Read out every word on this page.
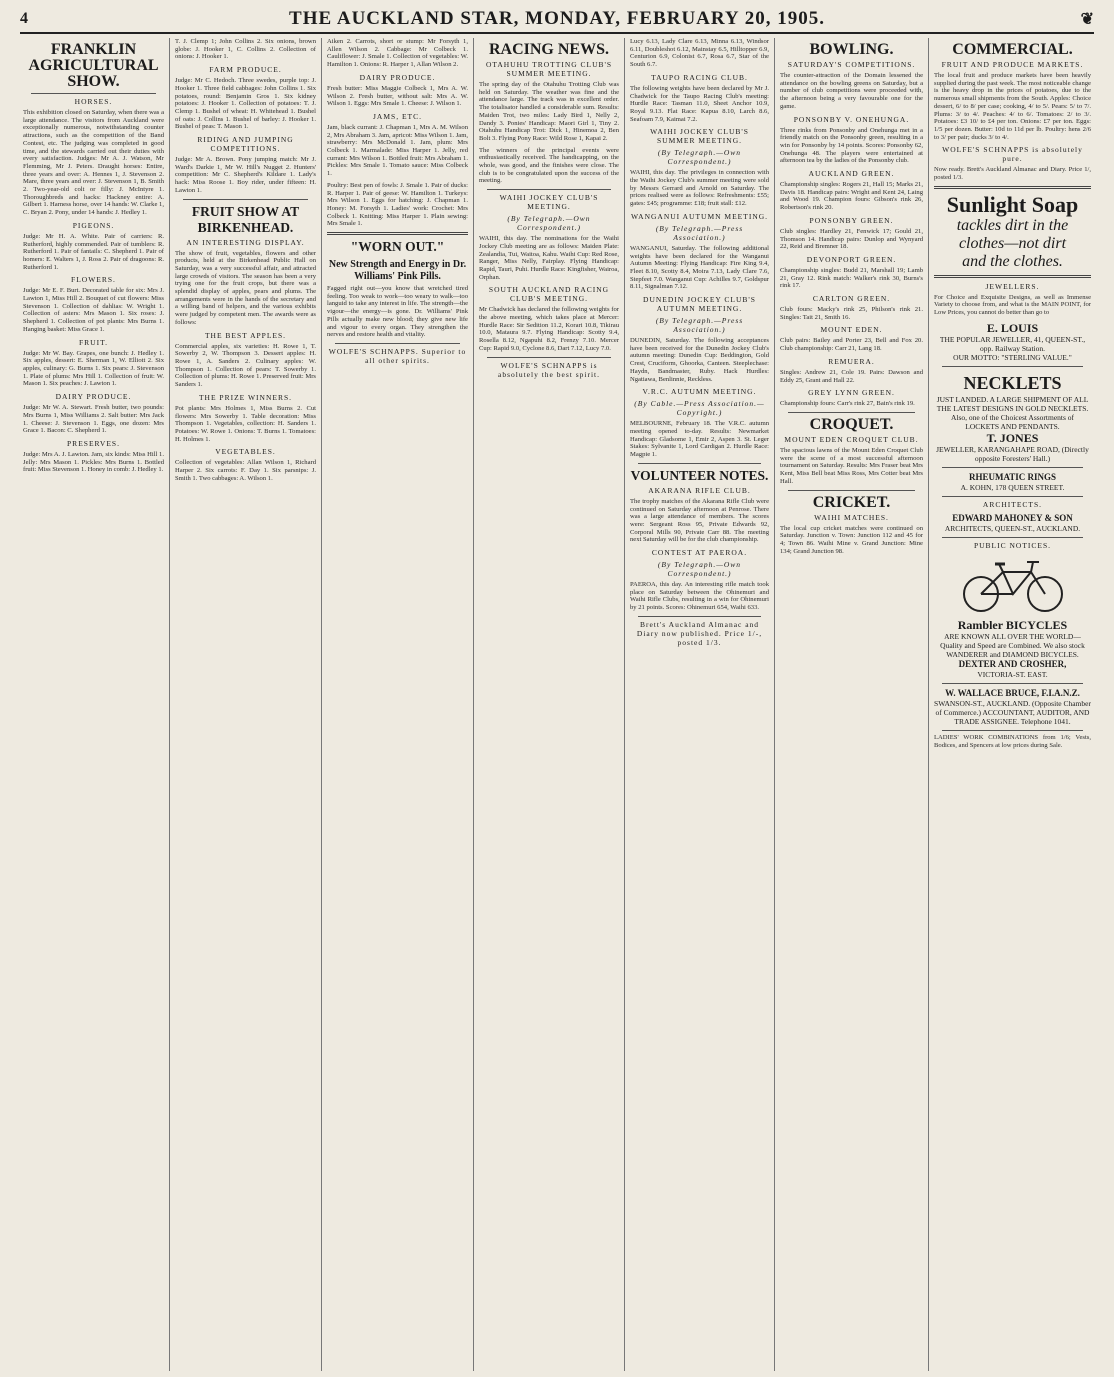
4	THE AUCKLAND STAR, MONDAY, FEBRUARY 20, 1905.	❦
FRANKLIN AGRICULTURAL SHOW.
HORSES.

This exhibition closed on Saturday, when there was a large attendance. The visitors from Auckland were exceptionally numerous, notwithstanding counter attractions, such as the competition of the Band Contest, etc. The judging was completed in good time, and the stewards carried out their duties with every satisfaction. Judges: Mr A. J. Watson, Mr Flemming, Mr J. Peters. Draught horses: Entire, three years and over: A. Hennes 1, J. Stevenson 2. Mare, three years and over: J. Stevenson 1, B. Smith 2. Two-year-old colt or filly: J. McIntyre 1. Thoroughbreds and hacks: Hackney entire: A. Gilbert 1. Harness horse, over 14 hands: W. Clarke 1, C. Bryan 2. Pony, under 14 hands: J. Hedley 1.

PIGEONS.

Judge: Mr H. A. White. Pair of carriers: R. Rutherford, highly commended. Pair of tumblers: R. Rutherford 1. Pair of fantails: C. Shepherd 1. Pair of homers: E. Walters 1, J. Ross 2. Pair of dragoons: R. Rutherford 1.

FLOWERS.

Judge: Mr E. F. Burt. Decorated table for six: Mrs J. Lawton 1, Miss Hill 2. Bouquet of cut flowers: Miss Stevenson 1. Collection of dahlias: W. Wright 1. Collection of asters: Mrs Mason 1. Six roses: J. Shepherd 1. Collection of pot plants: Mrs Burns 1. Hanging basket: Miss Grace 1.

FRUIT.

Judge: Mr W. Bay. Grapes, one bunch: J. Hedley 1. Six apples, dessert: E. Sherman 1, W. Elliott 2. Six apples, culinary: G. Burns 1. Six pears: J. Stevenson 1. Plate of plums: Mrs Hill 1. Collection of fruit: W. Mason 1. Six peaches: J. Lawton 1.

DAIRY PRODUCE.

Judge: Mr W. A. Stewart. Fresh butter, two pounds: Mrs Burns 1, Miss Williams 2. Salt butter: Mrs Jack 1. Cheese: J. Stevenson 1. Eggs, one dozen: Mrs Grace 1. Bacon: C. Shepherd 1.

PRESERVES.

Judge: Mrs A. J. Lawton. Jam, six kinds: Miss Hill 1. Jelly: Mrs Mason 1. Pickles: Mrs Burns 1. Bottled fruit: Miss Stevenson 1. Honey in comb: J. Hedley 1.

T. J. Clemp 1; John Collins 2. Six onions, brown globe: J. Hooker 1, C. Collins 2. Collection of onions: J. Hooker 1.

FARM PRODUCE.

Judge: Mr C. Hedoch. Three swedes, purple top: J. Hooker 1. Three field cabbages: John Collins 1. Six potatoes, round: Benjamin Gros 1. Six kidney potatoes: J. Hooker 1. Collection of potatoes: T. J. Clemp 1. Bushel of wheat: H. Whitehead 1. Bushel of oats: J. Collins 1. Bushel of barley: J. Hooker 1. Bushel of peas: T. Mason 1.

RIDING AND JUMPING COMPETITIONS.

Judge: Mr A. Brown. Pony jumping match: Mr J. Ward's Darkie 1, Mr W. Hill's Nugget 2. Hunters' competition: Mr C. Shepherd's Kildare 1. Lady's hack: Miss Roose 1. Boy rider, under fifteen: H. Lawton 1.

FRUIT SHOW AT BIRKENHEAD.
AN INTERESTING DISPLAY.

The show of fruit, vegetables, flowers and other products, held at the Birkenhead Public Hall on Saturday, was a very successful affair, and attracted large crowds of visitors. The season has been a very trying one for the fruit crops, but there was a splendid display of apples, pears and plums. The arrangements were in the hands of the secretary and a willing band of helpers, and the various exhibits were judged by competent men. The awards were as follows:

THE BEST APPLES.

Commercial apples, six varieties: H. Rowe 1, T. Sowerby 2, W. Thompson 3. Dessert apples: H. Rowe 1, A. Sanders 2. Culinary apples: W. Thompson 1. Collection of pears: T. Sowerby 1. Collection of plums: H. Rowe 1. Preserved fruit: Mrs Sanders 1.

THE PRIZE WINNERS.

Pot plants: Mrs Holmes 1, Miss Burns 2. Cut flowers: Mrs Sowerby 1. Table decoration: Miss Thompson 1. Vegetables, collection: H. Sanders 1. Potatoes: W. Rowe 1. Onions: T. Burns 1. Tomatoes: H. Holmes 1.

VEGETABLES.

Collection of vegetables: Allan Wilson 1, Richard Harper 2. Six carrots: F. Day 1. Six parsnips: J. Smith 1. Two cabbages: A. Wilson 1.

Aiken 2. Carrots, short or stump: Mr Forsyth 1, Allen Wilson 2. Cabbage: Mr Colbeck 1. Cauliflower: J. Smale 1. Collection of vegetables: W. Hamilton 1. Onions: R. Harper 1, Allan Wilson 2.

DAIRY PRODUCE.

Fresh butter: Miss Maggie Colbeck 1, Mrs A. W. Wilson 2. Fresh butter, without salt: Mrs A. W. Wilson 1. Eggs: Mrs Smale 1. Cheese: J. Wilson 1.

JAMS, ETC.

Jam, black currant: J. Chapman 1, Mrs A. M. Wilson 2, Mrs Abraham 3. Jam, apricot: Miss Wilson 1. Jam, strawberry: Mrs McDonald 1. Jam, plum: Mrs Colbeck 1. Marmalade: Miss Harper 1. Jelly, red currant: Mrs Wilson 1. Bottled fruit: Mrs Abraham 1. Pickles: Mrs Smale 1. Tomato sauce: Miss Colbeck 1.

Poultry: Best pen of fowls: J. Smale 1. Pair of ducks: R. Harper 1. Pair of geese: W. Hamilton 1. Turkeys: Mrs Wilson 1. Eggs for hatching: J. Chapman 1. Honey: M. Forsyth 1. Ladies' work: Crochet: Mrs Colbeck 1. Knitting: Miss Harper 1. Plain sewing: Mrs Smale 1.

"WORN OUT."
New Strength and Energy in Dr. Williams' Pink Pills.

Fagged right out—you know that wretched tired feeling. Too weak to work—too weary to walk—too languid to take any interest in life. The strength—the vigour—the energy—is gone. Dr. Williams' Pink Pills actually make new blood; they give new life and vigour to every organ. They strengthen the nerves and restore health and vitality.

WOLFE'S SCHNAPPS. Superior to all other spirits.
RACING NEWS.
OTAHUHU TROTTING CLUB'S SUMMER MEETING.

The spring day of the Otahuhu Trotting Club was held on Saturday. The weather was fine and the attendance large. The track was in excellent order. The totalisator handled a considerable sum. Results: Maiden Trot, two miles: Lady Bird 1, Nelly 2, Dandy 3. Ponies' Handicap: Maori Girl 1, Tiny 2. Otahuhu Handicap Trot: Dick 1, Hinemoa 2, Ben Bolt 3. Flying Pony Race: Wild Rose 1, Kapai 2.

The winners of the principal events were enthusiastically received. The handicapping, on the whole, was good, and the finishes were close. The club is to be congratulated upon the success of the meeting.

WAIHI JOCKEY CLUB'S MEETING.
(By Telegraph.—Own Correspondent.)

WAIHI, this day. The nominations for the Waihi Jockey Club meeting are as follows: Maiden Plate: Zealandia, Tui, Waitoa, Kahu. Waihi Cup: Red Rose, Ranger, Miss Nelly, Fairplay. Flying Handicap: Rapid, Tauri, Puhi. Hurdle Race: Kingfisher, Wairoa, Orphan.

SOUTH AUCKLAND RACING CLUB'S MEETING.

Mr Chadwick has declared the following weights for the above meeting, which takes place at Mercer: Hurdle Race: Sir Sedition 11.2, Korari 10.8, Tikirau 10.0, Mataura 9.7. Flying Handicap: Scotty 9.4, Rosella 8.12, Ngapuhi 8.2, Frenzy 7.10. Mercer Cup: Rapid 9.0, Cyclone 8.6, Dart 7.12, Lucy 7.0.

WOLFE'S SCHNAPPS is absolutely the best spirit.

Lucy 6.13, Lady Clare 6.13, Minna 6.13, Windsor 6.11, Doubleshot 6.12, Mainstay 6.5, Hilltopper 6.9, Centurion 6.9, Colonist 6.7, Rosa 6.7, Star of the South 6.7.

TAUPO RACING CLUB.

The following weights have been declared by Mr J. Chadwick for the Taupo Racing Club's meeting: Hurdle Race: Tasman 11.0, Sheet Anchor 10.9, Royal 9.13. Flat Race: Kapua 8.10, Larch 8.6, Seafoam 7.9, Kaimai 7.2.

WAIHI JOCKEY CLUB'S SUMMER MEETING.
(By Telegraph.—Own Correspondent.)

WAIHI, this day. The privileges in connection with the Waihi Jockey Club's summer meeting were sold by Messrs Gerrard and Arnold on Saturday. The prices realised were as follows: Refreshments: £55; gates: £45; programme: £18; fruit stall: £12.

WANGANUI AUTUMN MEETING.
(By Telegraph.—Press Association.)

WANGANUI, Saturday. The following additional weights have been declared for the Wanganui Autumn Meeting: Flying Handicap: Fire King 9.4, Fleet 8.10, Scotty 8.4, Moira 7.13, Lady Clare 7.6, Stepfeet 7.0. Wanganui Cup: Achilles 9.7, Goldspur 8.11, Signalman 7.12.

DUNEDIN JOCKEY CLUB'S AUTUMN MEETING.
(By Telegraph.—Press Association.)

DUNEDIN, Saturday. The following acceptances have been received for the Dunedin Jockey Club's autumn meeting: Dunedin Cup: Beddington, Gold Crest, Cruciform, Ghoorka, Canteen. Steeplechase: Haydn, Bandmaster, Ruby. Hack Hurdles: Ngatiawa, Benlinnie, Reckless.

V.R.C. AUTUMN MEETING.
(By Cable.—Press Association.—Copyright.)

MELBOURNE, February 18. The V.R.C. autumn meeting opened to-day. Results: Newmarket Handicap: Gladsome 1, Emir 2, Aspen 3. St. Leger Stakes: Sylvanite 1, Lord Cardigan 2. Hurdle Race: Magpie 1.

VOLUNTEER NOTES.
AKARANA RIFLE CLUB.

The trophy matches of the Akarana Rifle Club were continued on Saturday afternoon at Penrose. There was a large attendance of members. The scores were: Sergeant Ross 95, Private Edwards 92, Corporal Mills 90, Private Carr 88. The meeting next Saturday will be for the club championship.

CONTEST AT PAEROA.
(By Telegraph.—Own Correspondent.)

PAEROA, this day. An interesting rifle match took place on Saturday between the Ohinemuri and Waihi Rifle Clubs, resulting in a win for Ohinemuri by 21 points. Scores: Ohinemuri 654, Waihi 633.

Brett's Auckland Almanac and Diary now published. Price 1/-, posted 1/3.
BOWLING.
SATURDAY'S COMPETITIONS.

The counter-attraction of the Domain lessened the attendance on the bowling greens on Saturday, but a number of club competitions were proceeded with, the afternoon being a very favourable one for the game.

PONSONBY V. ONEHUNGA.

Three rinks from Ponsonby and Onehunga met in a friendly match on the Ponsonby green, resulting in a win for Ponsonby by 14 points. Scores: Ponsonby 62, Onehunga 48. The players were entertained at afternoon tea by the ladies of the Ponsonby club.

AUCKLAND GREEN.

Championship singles: Rogers 21, Hall 15; Marks 21, Davis 18. Handicap pairs: Wright and Kent 24, Laing and Wood 19. Champion fours: Gibson's rink 26, Robertson's rink 20.

PONSONBY GREEN.

Club singles: Hardley 21, Fenwick 17; Gould 21, Thomson 14. Handicap pairs: Dunlop and Wynyard 22, Reid and Bremner 18.

DEVONPORT GREEN.

Championship singles: Budd 21, Marshall 19; Lamb 21, Gray 12. Rink match: Walker's rink 30, Burns's rink 17.

CARLTON GREEN.

Club fours: Macky's rink 25, Philson's rink 21. Singles: Tait 21, Smith 16.

MOUNT EDEN.

Club pairs: Bailey and Porter 23, Bell and Fox 20. Club championship: Carr 21, Lang 18.

REMUERA.

Singles: Andrew 21, Cole 19. Pairs: Dawson and Eddy 25, Grant and Hall 22.

GREY LYNN GREEN.

Championship fours: Carr's rink 27, Bain's rink 19.

CROQUET.
MOUNT EDEN CROQUET CLUB.

The spacious lawns of the Mount Eden Croquet Club were the scene of a most successful afternoon tournament on Saturday. Results: Mrs Fraser beat Mrs Kent, Miss Bell beat Miss Ross, Mrs Cotter beat Mrs Hall.

CRICKET.
WAIHI MATCHES.

The local cup cricket matches were continued on Saturday. Junction v. Town: Junction 112 and 45 for 4; Town 86. Waihi Mine v. Grand Junction: Mine 134; Grand Junction 98.

COMMERCIAL.
FRUIT AND PRODUCE MARKETS.

The local fruit and produce markets have been heavily supplied during the past week. The most noticeable change is the heavy drop in the prices of potatoes, due to the numerous small shipments from the South. Apples: Choice dessert, 6/ to 8/ per case; cooking, 4/ to 5/. Pears: 5/ to 7/. Plums: 3/ to 4/. Peaches: 4/ to 6/. Tomatoes: 2/ to 3/. Potatoes: £3 10/ to £4 per ton. Onions: £7 per ton. Eggs: 1/5 per dozen. Butter: 10d to 11d per lb. Poultry: hens 2/6 to 3/ per pair; ducks 3/ to 4/.

WOLFE'S SCHNAPPS is absolutely pure.

Now ready. Brett's Auckland Almanac and Diary. Price 1/, posted 1/3.

Sunlight Soap
tackles dirt in the
clothes—not dirt
and the clothes.
JEWELLERS.

For Choice and Exquisite Designs, as well as Immense Variety to choose from, and what is the MAIN POINT, for Low Prices, you cannot do better than go to

E. LOUIS
THE POPULAR JEWELLER, 41, QUEEN-ST., opp. Railway Station.
OUR MOTTO: "STERLING VALUE."
NECKLETS
JUST LANDED. A LARGE SHIPMENT OF ALL THE LATEST DESIGNS IN GOLD NECKLETS. Also, one of the Choicest Assortments of LOCKETS AND PENDANTS.
T. JONES
JEWELLER, KARANGAHAPE ROAD, (Directly opposite Foresters' Hall.)
RHEUMATIC RINGS
A. KOHN, 178 QUEEN STREET.
ARCHITECTS.
EDWARD MAHONEY & SON
ARCHITECTS, QUEEN-ST., AUCKLAND.
PUBLIC NOTICES.
Rambler BICYCLES
ARE KNOWN ALL OVER THE WORLD—Quality and Speed are Combined. We also stock WANDERER and DIAMOND BICYCLES.
DEXTER AND CROSHER,
VICTORIA-ST. EAST.
W. WALLACE BRUCE, F.I.A.N.Z.
SWANSON-ST., AUCKLAND. (Opposite Chamber of Commerce.) ACCOUNTANT, AUDITOR, AND TRADE ASSIGNEE. Telephone 1041.

LADIES' WORK COMBINATIONS from 1/6; Vests, Bodices, and Spencers at low prices during Sale.
